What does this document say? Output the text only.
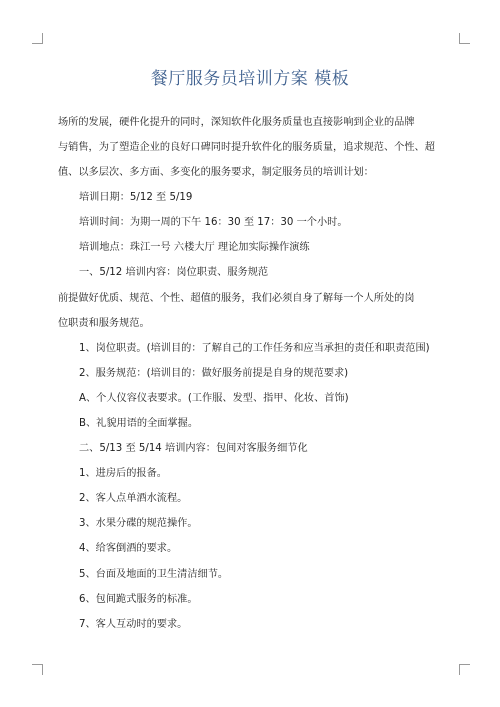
餐厅服务员培训方案 模板
场所的发展，硬件化提升的同时，深知软件化服务质量也直接影响到企业的品牌
与销售，为了塑造企业的良好口碑同时提升软件化的服务质量，追求规范、个性、超
值、以多层次、多方面、多变化的服务要求，制定服务员的培训计划：
培训日期：5/12 至 5/19
培训时间：为期一周的下午 16：30 至 17：30 一个小时。
培训地点：珠江一号 六楼大厅 理论加实际操作演练
一、5/12 培训内容：岗位职责、服务规范
前提做好优质、规范、个性、超值的服务，我们必须自身了解每一个人所处的岗
位职责和服务规范。
1、岗位职责。(培训目的：了解自己的工作任务和应当承担的责任和职责范围)
2、服务规范：(培训目的：做好服务前提是自身的规范要求)
A、个人仪容仪表要求。(工作服、发型、指甲、化妆、首饰)
B、礼貌用语的全面掌握。
二、5/13 至 5/14 培训内容：包间对客服务细节化
1、进房后的报备。
2、客人点单酒水流程。
3、水果分碟的规范操作。
4、给客倒酒的要求。
5、台面及地面的卫生清洁细节。
6、包间跪式服务的标准。
7、客人互动时的要求。
